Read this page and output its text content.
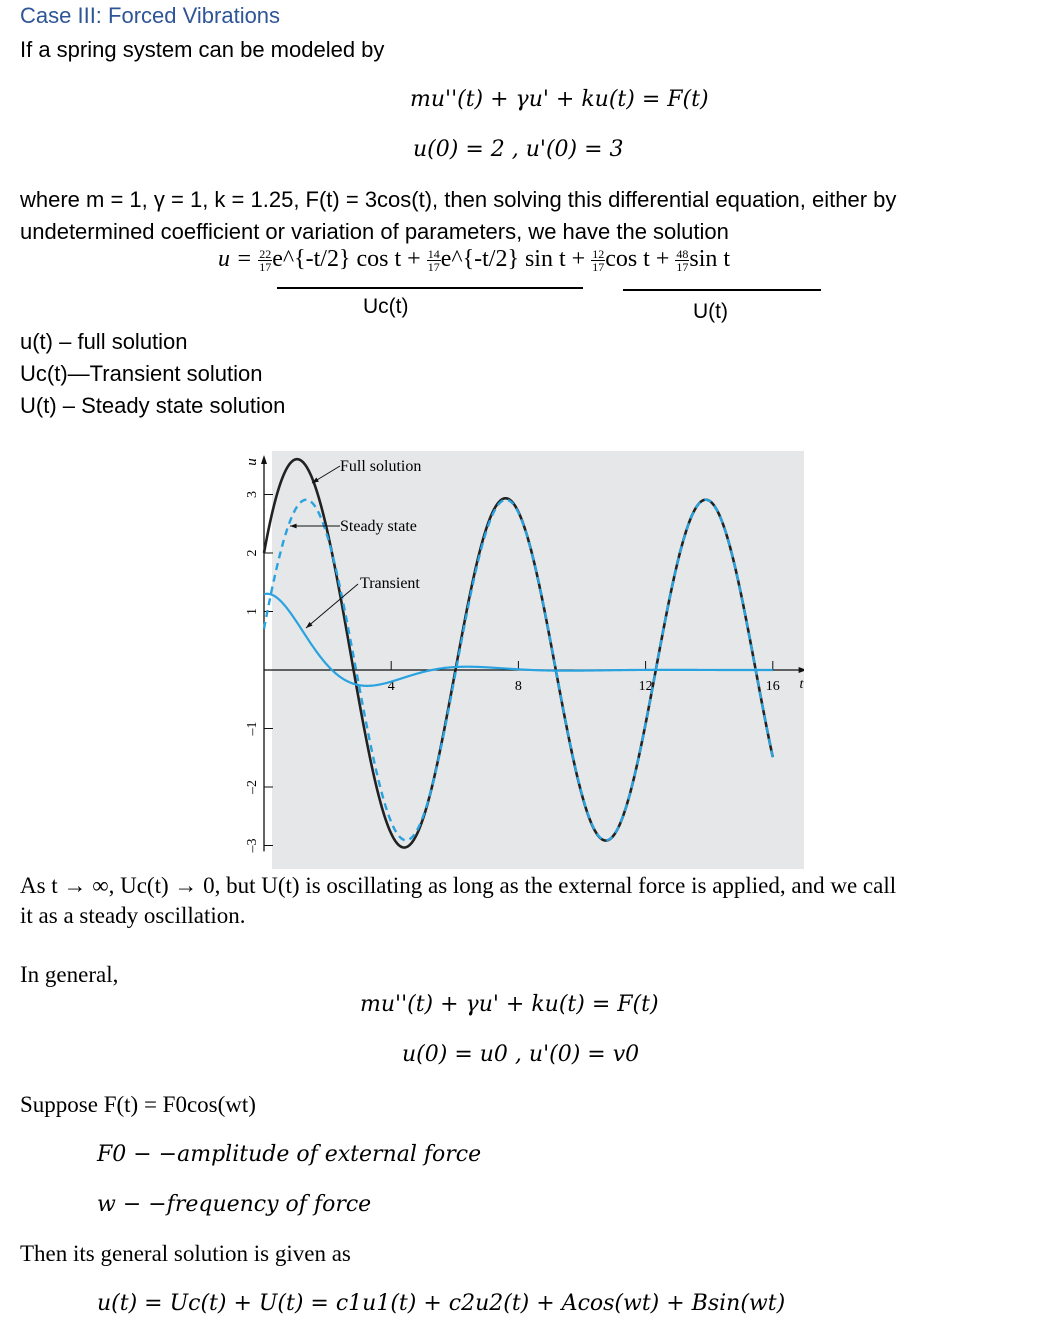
Case III: Forced Vibrations
If a spring system can be modeled by
mu''(t) + γu' + ku(t) = F(t)
u(0) = 2 , u'(0) = 3
where m = 1, γ = 1, k = 1.25, F(t) = 3cos(t), then solving this differential equation, either by
undetermined coefficient or variation of parameters, we have the solution
$u = \frac{22}{17}$ e^{-t/2} $\cos t + \frac{14}{17}$ e^{-t/2} $\sin t + \frac{12}{17}$ $\cos t + \frac{48}{17}$ sin t
Uc(t)	U(t)
u(t) – full solution
Uc(t)—Transient solution
U(t) – Steady state solution
3
2
1
–1
–2
–3
u
4	8	12	16 t
Full solution
Steady state
Transient
As t → ∞, Uc(t) → 0, but U(t) is oscillating as long as the external force is applied, and we call
it as a steady oscillation.
In general,
mu''(t) + γu' + ku(t) = F(t)
u(0) = u0 , u'(0) = v0
Suppose F(t) = F0cos(wt)
F0 − −amplitude of external force
w − −frequency of force
Then its general solution is given as
u(t) = Uc(t) + U(t) = c1u1(t) + c2u2(t) + Acos(wt) + Bsin(wt)
